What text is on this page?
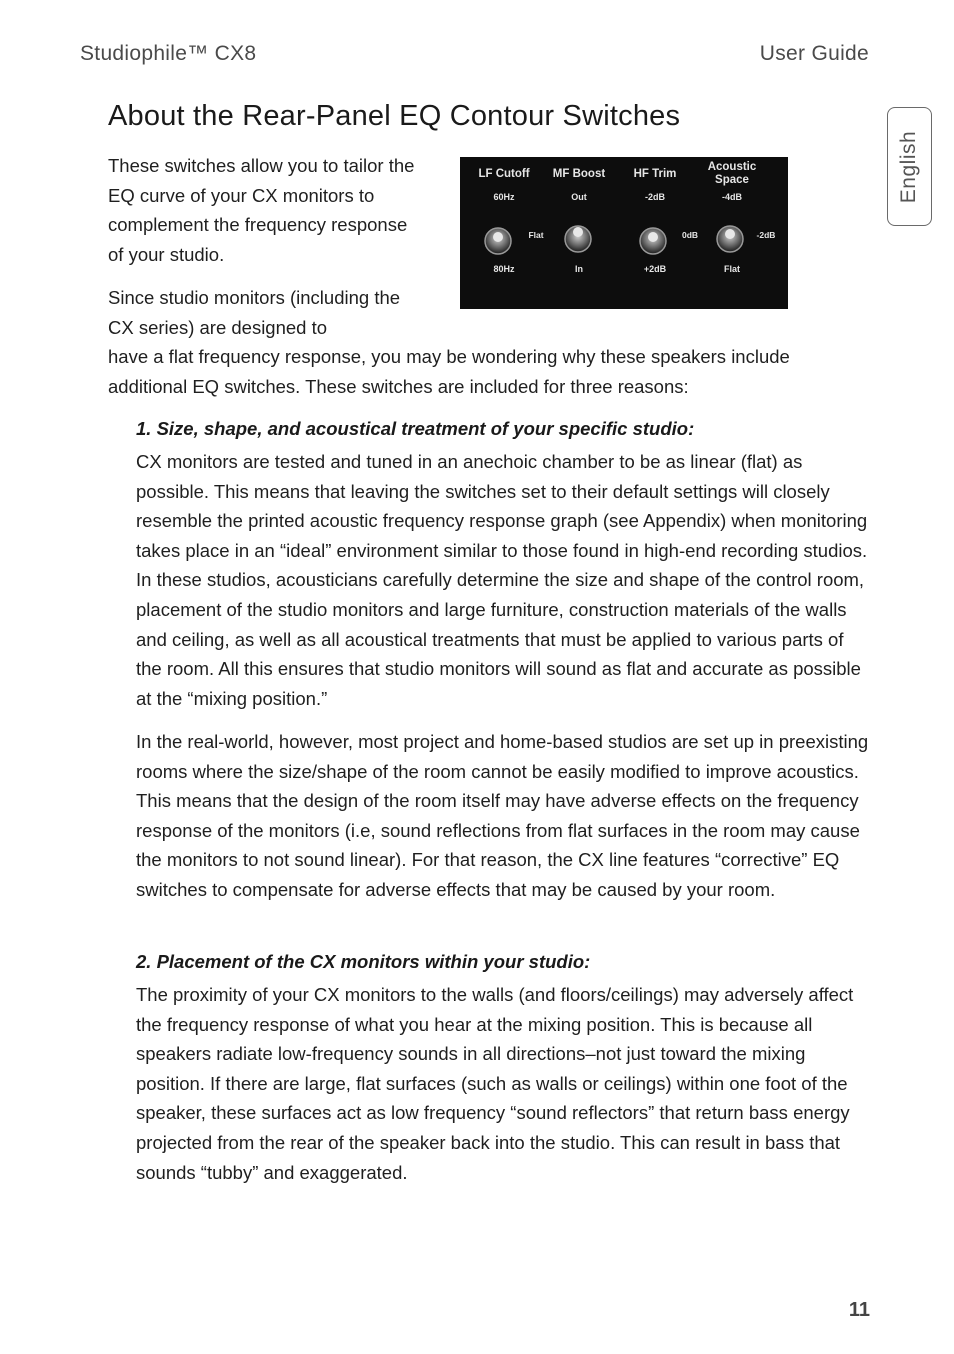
Studiophile™ CX8	User Guide
English
About the Rear-Panel EQ Contour Switches

These switches allow you to tailor the EQ curve of your CX monitors to complement the frequency response of your studio.

Since studio monitors (including the CX series) are designed to
have a flat frequency response, you may be wondering why these speakers include additional EQ switches. These switches are included for three reasons:

LF Cutoff MF Boost HF Trim
Acoustic
Space
60Hz	Out	-2dB	-4dB
Flat	0dB	-2dB
80Hz	In	+2dB	Flat

1. Size, shape, and acoustical treatment of your specific studio:

CX monitors are tested and tuned in an anechoic chamber to be as linear (flat) as possible. This means that leaving the switches set to their default settings will closely resemble the printed acoustic frequency response graph (see Appendix) when monitoring takes place in an “ideal” environment similar to those found in high-end recording studios. In these studios, acousticians carefully determine the size and shape of the control room, placement of the studio monitors and large furniture, construction materials of the walls and ceiling, as well as all acoustical treatments that must be applied to various parts of the room. All this ensures that studio monitors will sound as flat and accurate as possible at the “mixing position.”

In the real-world, however, most project and home-based studios are set up in preexisting rooms where the size/shape of the room cannot be easily modified to improve acoustics. This means that the design of the room itself may have adverse effects on the frequency response of the monitors (i.e, sound reflections from flat surfaces in the room may cause the monitors to not sound linear). For that reason, the CX line features “corrective” EQ switches to compensate for adverse effects that may be caused by your room.

2. Placement of the CX monitors within your studio:

The proximity of your CX monitors to the walls (and floors/ceilings) may adversely affect the frequency response of what you hear at the mixing position. This is because all speakers radiate low-frequency sounds in all directions–not just toward the mixing position. If there are large, flat surfaces (such as walls or ceilings) within one foot of the speaker, these surfaces act as low frequency “sound reflectors” that return bass energy projected from the rear of the speaker back into the studio. This can result in bass that sounds “tubby” and exaggerated.

11
